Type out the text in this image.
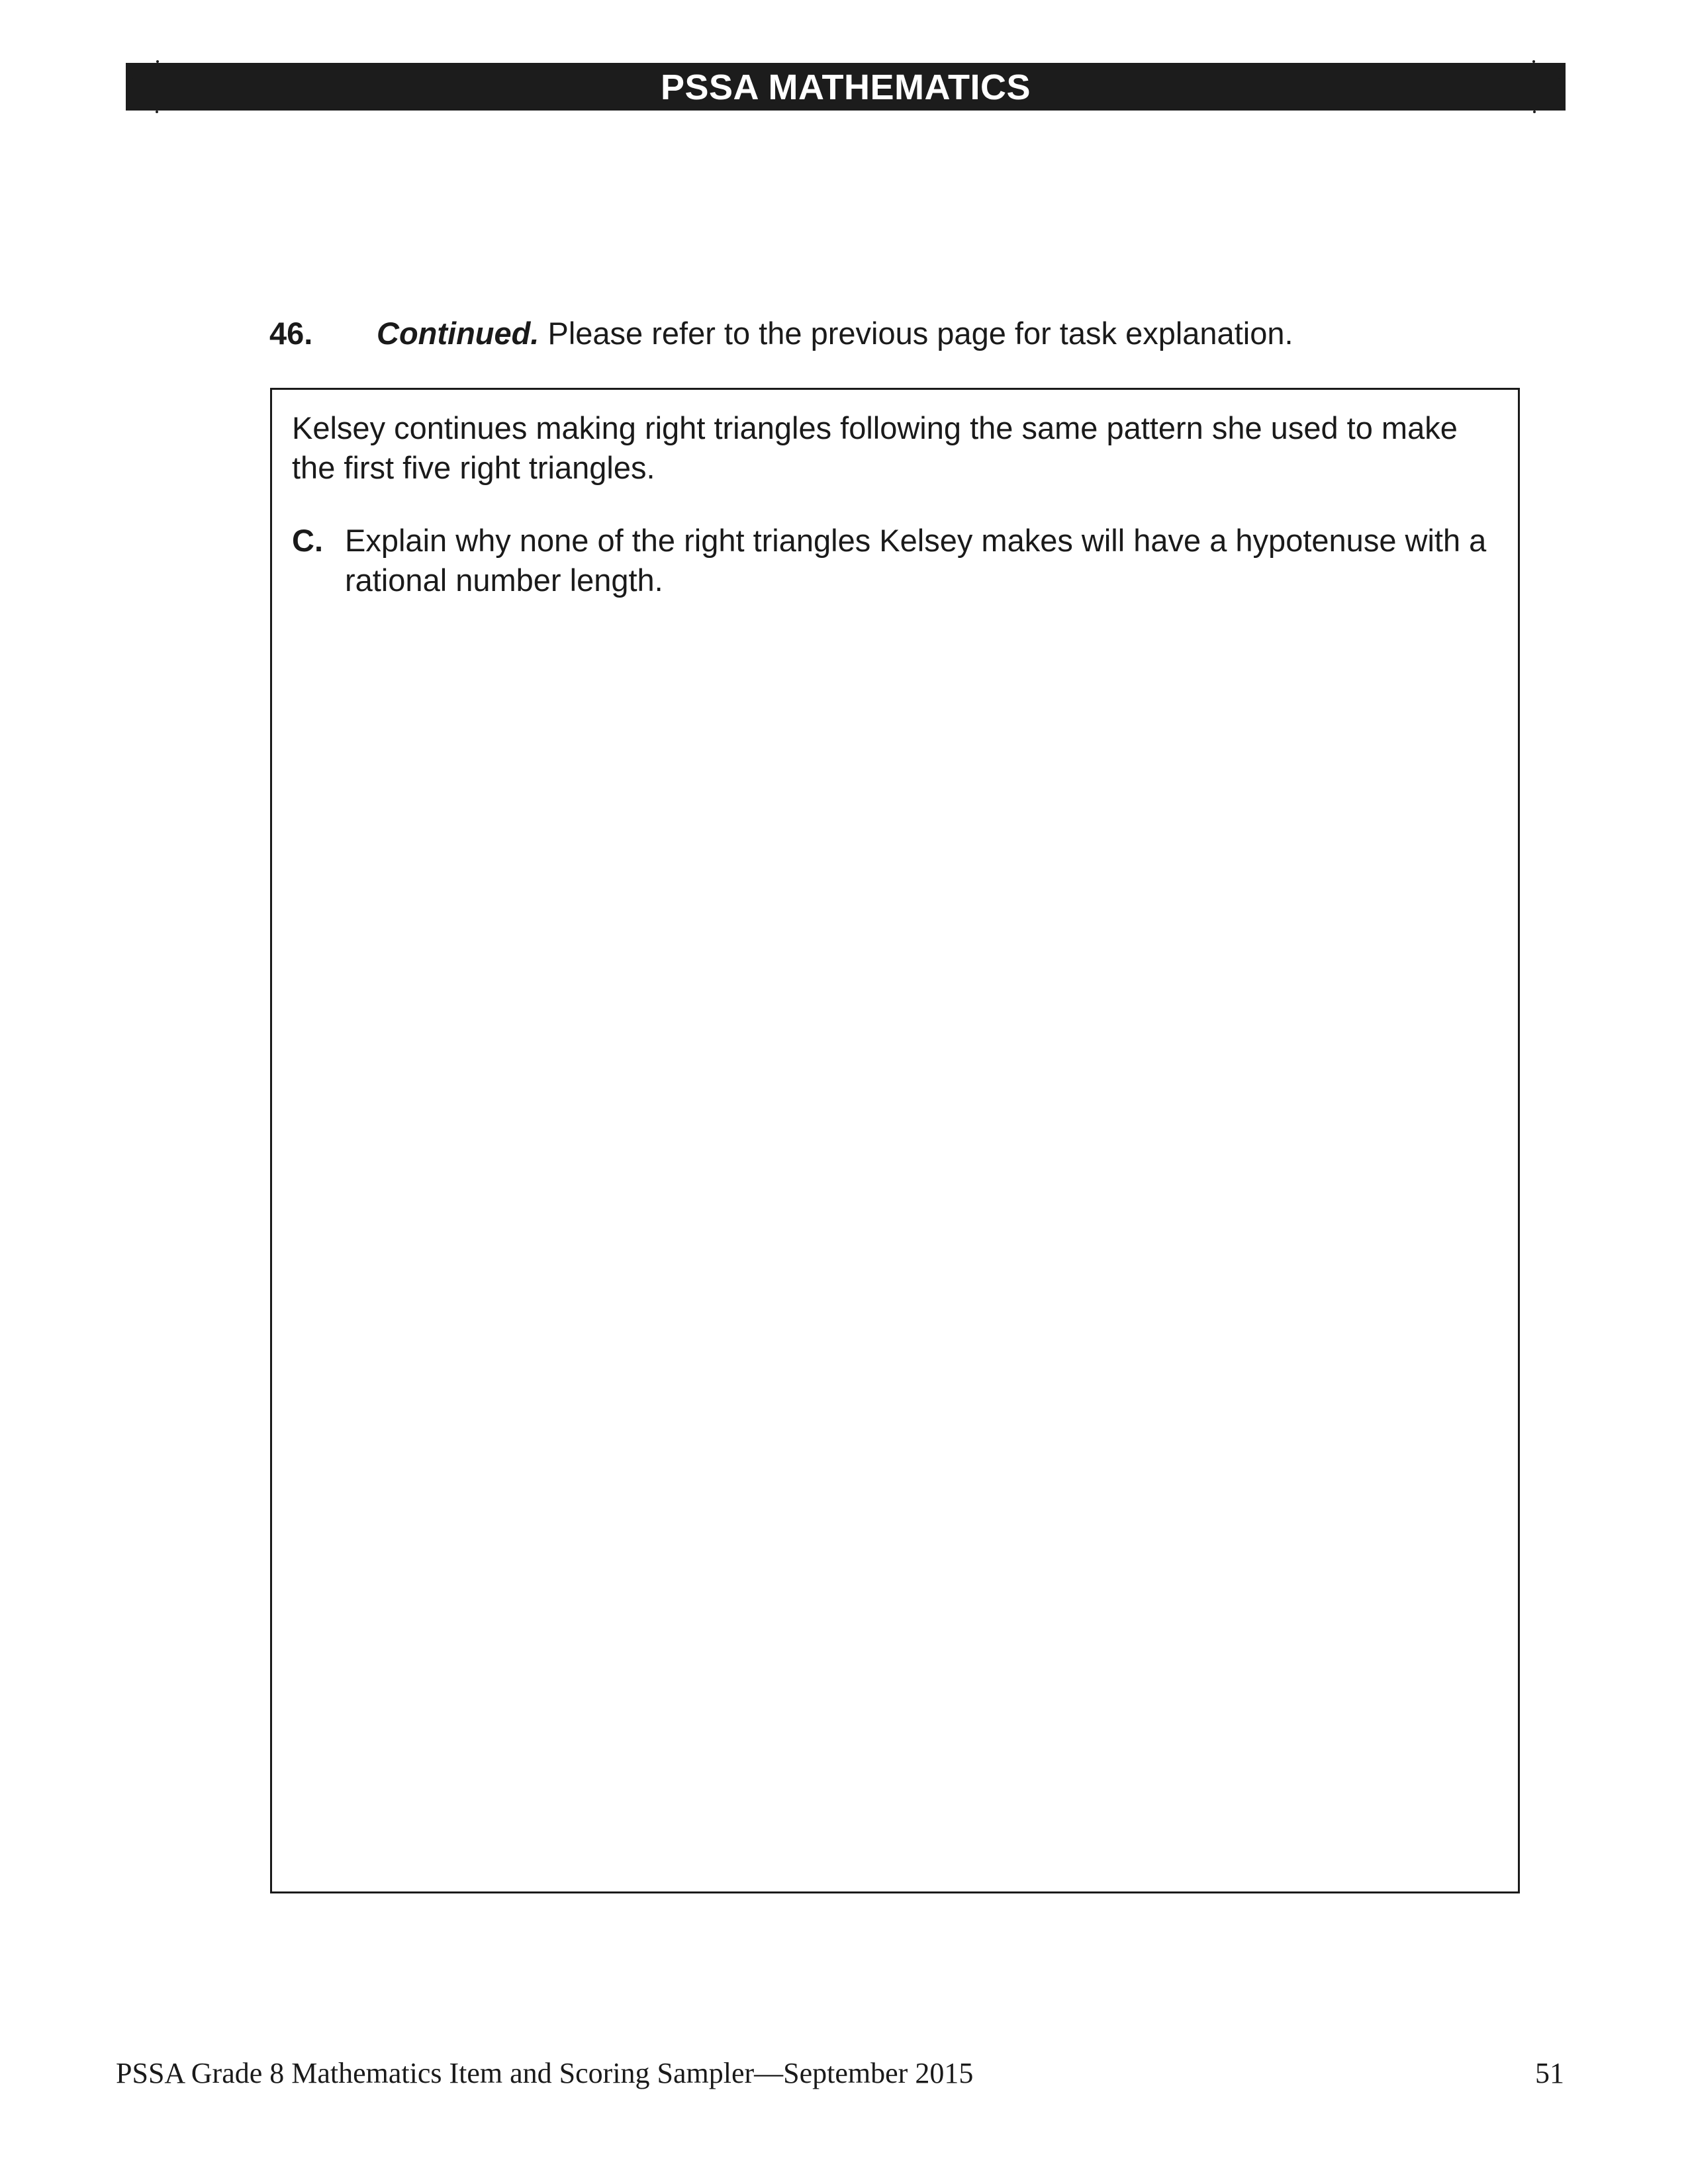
PSSA MATHEMATICS
46. Continued. Please refer to the previous page for task explanation.

Kelsey continues making right triangles following the same pattern she used to make the first five right triangles.

C. Explain why none of the right triangles Kelsey makes will have a hypotenuse with a rational number length.

PSSA Grade 8 Mathematics Item and Scoring Sampler—September 2015	51
